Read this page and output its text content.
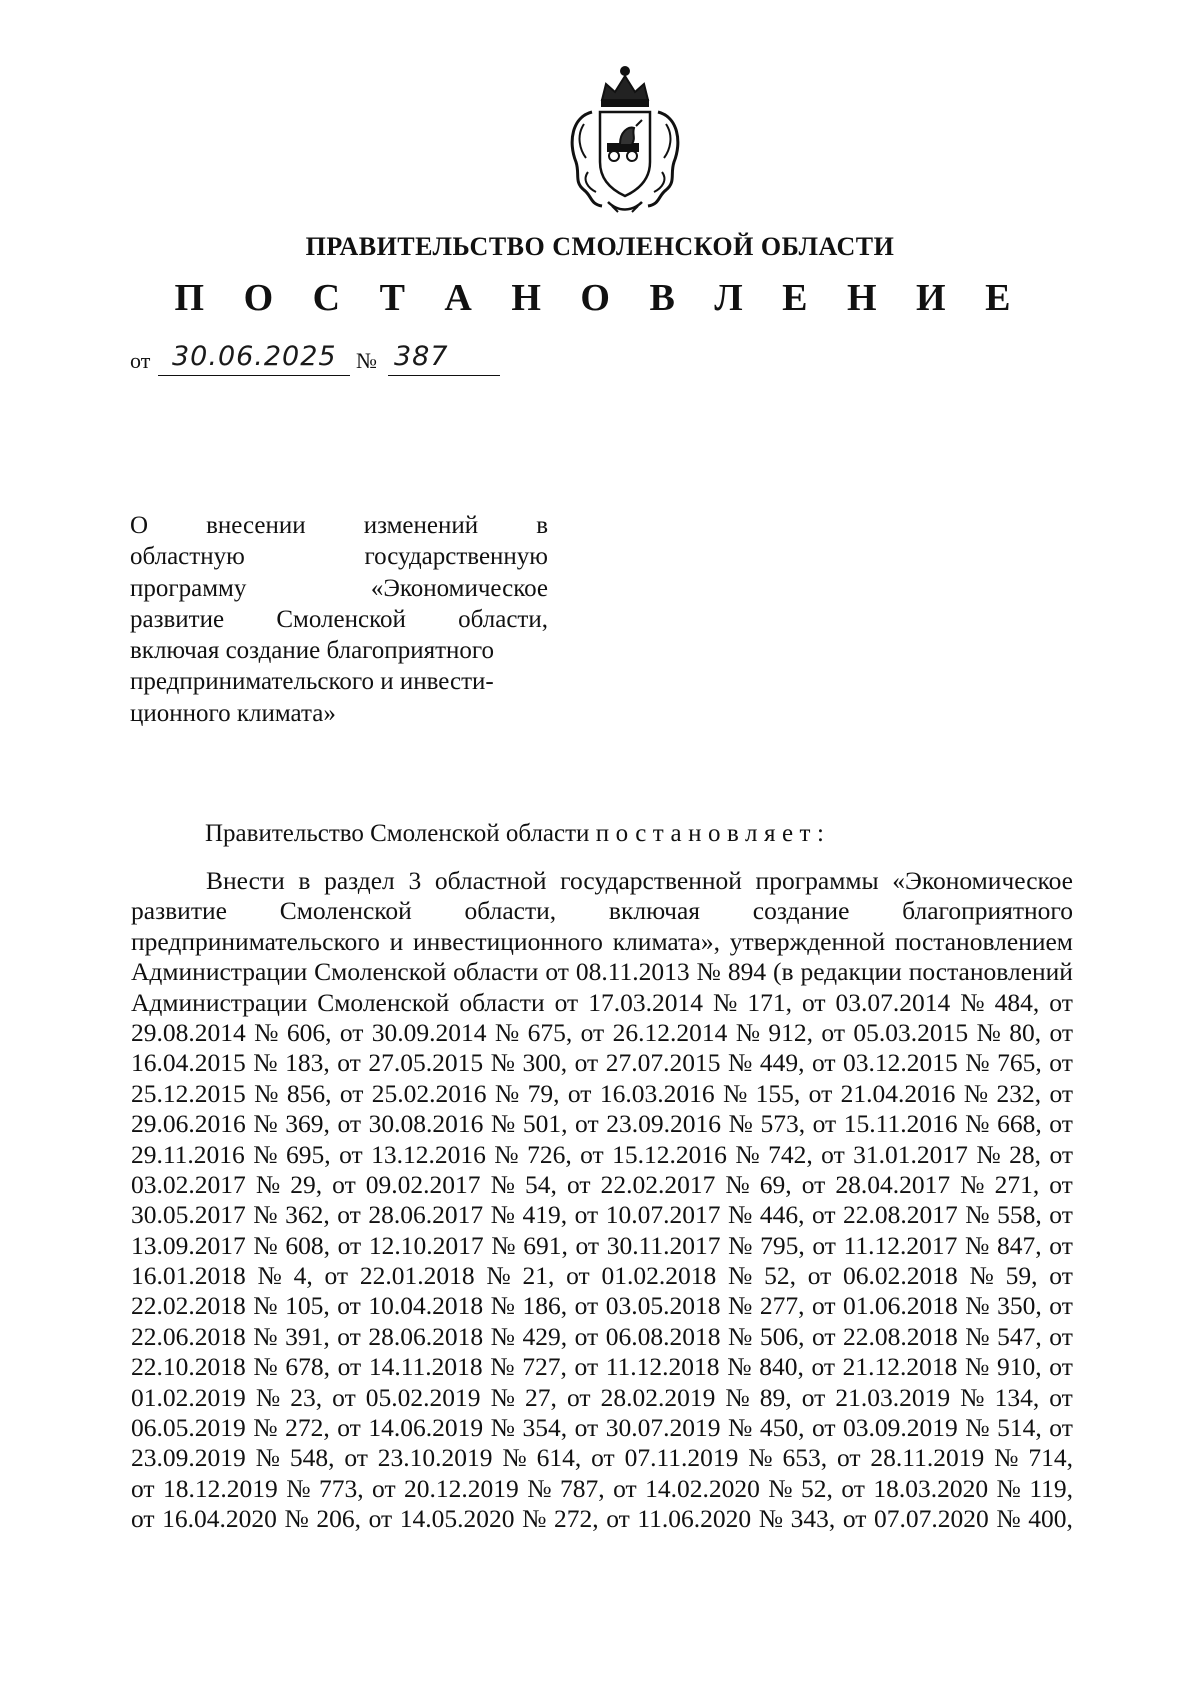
ПРАВИТЕЛЬСТВО СМОЛЕНСКОЙ ОБЛАСТИ
П О С Т А Н О В Л Е Н И Е
от 30.06.2025 № 387
О внесении изменений в
областную	государственную
программу	«Экономическое
развитие Смоленской области,
включая создание благоприятного
предпринимательского и инвести-
ционного климата»
Правительство Смоленской области постановляет:
Внести в раздел 3 областной государственной программы «Экономическое
развитие Смоленской области, включая создание благоприятного
предпринимательского и инвестиционного климата», утвержденной постановлением
Администрации Смоленской области от 08.11.2013 № 894 (в редакции постановлений
Администрации Смоленской области от 17.03.2014 № 171, от 03.07.2014 № 484, от
29.08.2014 № 606, от 30.09.2014 № 675, от 26.12.2014 № 912, от 05.03.2015 № 80, от
16.04.2015 № 183, от 27.05.2015 № 300, от 27.07.2015 № 449, от 03.12.2015 № 765, от
25.12.2015 № 856, от 25.02.2016 № 79, от 16.03.2016 № 155, от 21.04.2016 № 232, от
29.06.2016 № 369, от 30.08.2016 № 501, от 23.09.2016 № 573, от 15.11.2016 № 668, от
29.11.2016 № 695, от 13.12.2016 № 726, от 15.12.2016 № 742, от 31.01.2017 № 28, от
03.02.2017 № 29, от 09.02.2017 № 54, от 22.02.2017 № 69, от 28.04.2017 № 271, от
30.05.2017 № 362, от 28.06.2017 № 419, от 10.07.2017 № 446, от 22.08.2017 № 558, от
13.09.2017 № 608, от 12.10.2017 № 691, от 30.11.2017 № 795, от 11.12.2017 № 847, от
16.01.2018 № 4, от 22.01.2018 № 21, от 01.02.2018 № 52, от 06.02.2018 № 59, от
22.02.2018 № 105, от 10.04.2018 № 186, от 03.05.2018 № 277, от 01.06.2018 № 350, от
22.06.2018 № 391, от 28.06.2018 № 429, от 06.08.2018 № 506, от 22.08.2018 № 547, от
22.10.2018 № 678, от 14.11.2018 № 727, от 11.12.2018 № 840, от 21.12.2018 № 910, от
01.02.2019 № 23, от 05.02.2019 № 27, от 28.02.2019 № 89, от 21.03.2019 № 134, от
06.05.2019 № 272, от 14.06.2019 № 354, от 30.07.2019 № 450, от 03.09.2019 № 514, от
23.09.2019 № 548, от 23.10.2019 № 614, от 07.11.2019 № 653, от 28.11.2019 № 714,
от 18.12.2019 № 773, от 20.12.2019 № 787, от 14.02.2020 № 52, от 18.03.2020 № 119,
от 16.04.2020 № 206, от 14.05.2020 № 272, от 11.06.2020 № 343, от 07.07.2020 № 400,
